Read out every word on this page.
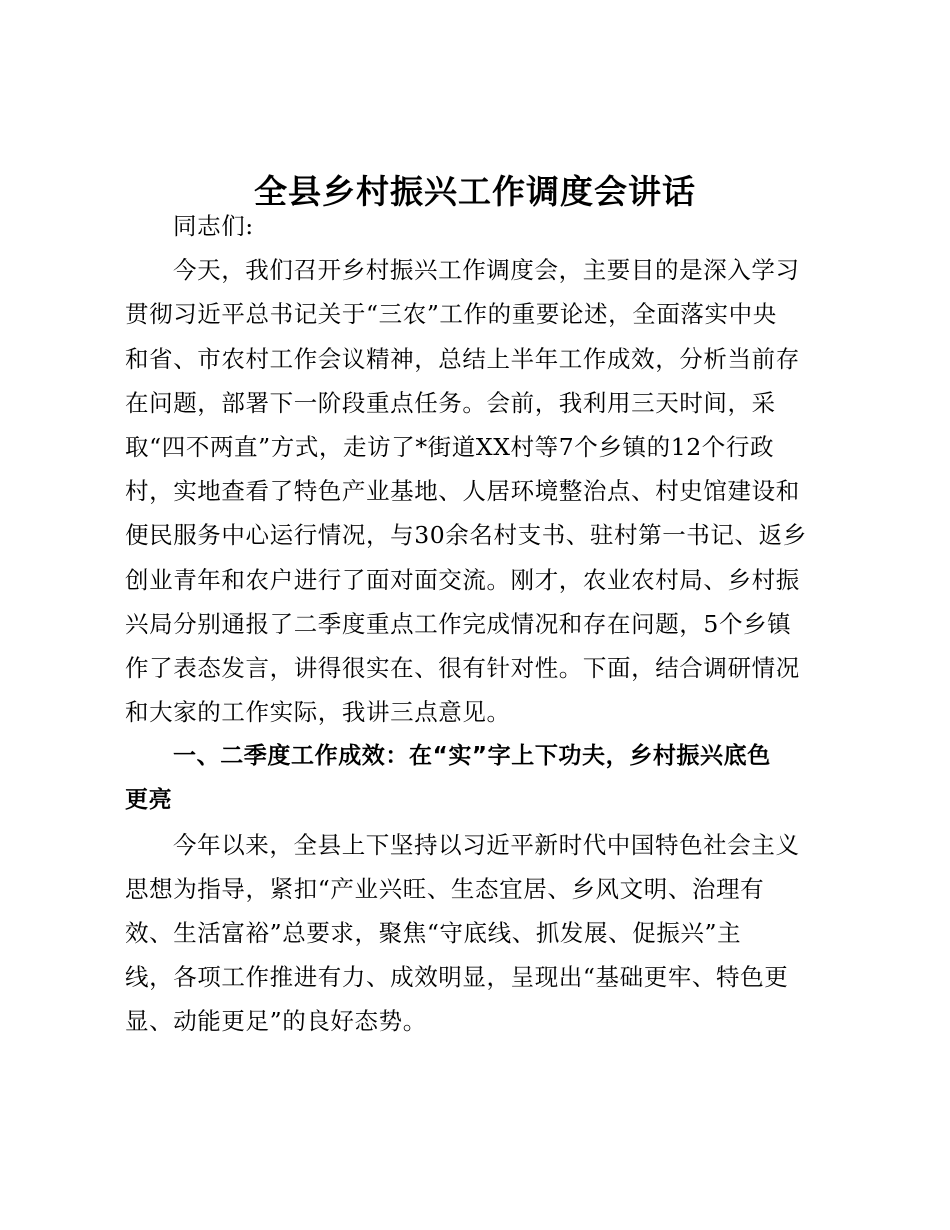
全县乡村振兴工作调度会讲话
同志们:
今天，我们召开乡村振兴工作调度会，主要目的是深入学习
贯彻习近平总书记关于“三农”工作的重要论述，全面落实中央
和省、市农村工作会议精神，总结上半年工作成效，分析当前存
在问题，部署下一阶段重点任务。会前，我利用三天时间，采
取“四不两直”方式，走访了*街道XX村等7个乡镇的12个行政
村，实地查看了特色产业基地、人居环境整治点、村史馆建设和
便民服务中心运行情况，与30余名村支书、驻村第一书记、返乡
创业青年和农户进行了面对面交流。刚才，农业农村局、乡村振
兴局分别通报了二季度重点工作完成情况和存在问题，5个乡镇
作了表态发言，讲得很实在、很有针对性。下面，结合调研情况
和大家的工作实际，我讲三点意见。
一、二季度工作成效：在“实”字上下功夫，乡村振兴底色
更亮
今年以来，全县上下坚持以习近平新时代中国特色社会主义
思想为指导，紧扣“产业兴旺、生态宜居、乡风文明、治理有
效、生活富裕”总要求，聚焦“守底线、抓发展、促振兴”主
线，各项工作推进有力、成效明显，呈现出“基础更牢、特色更
显、动能更足”的良好态势。
